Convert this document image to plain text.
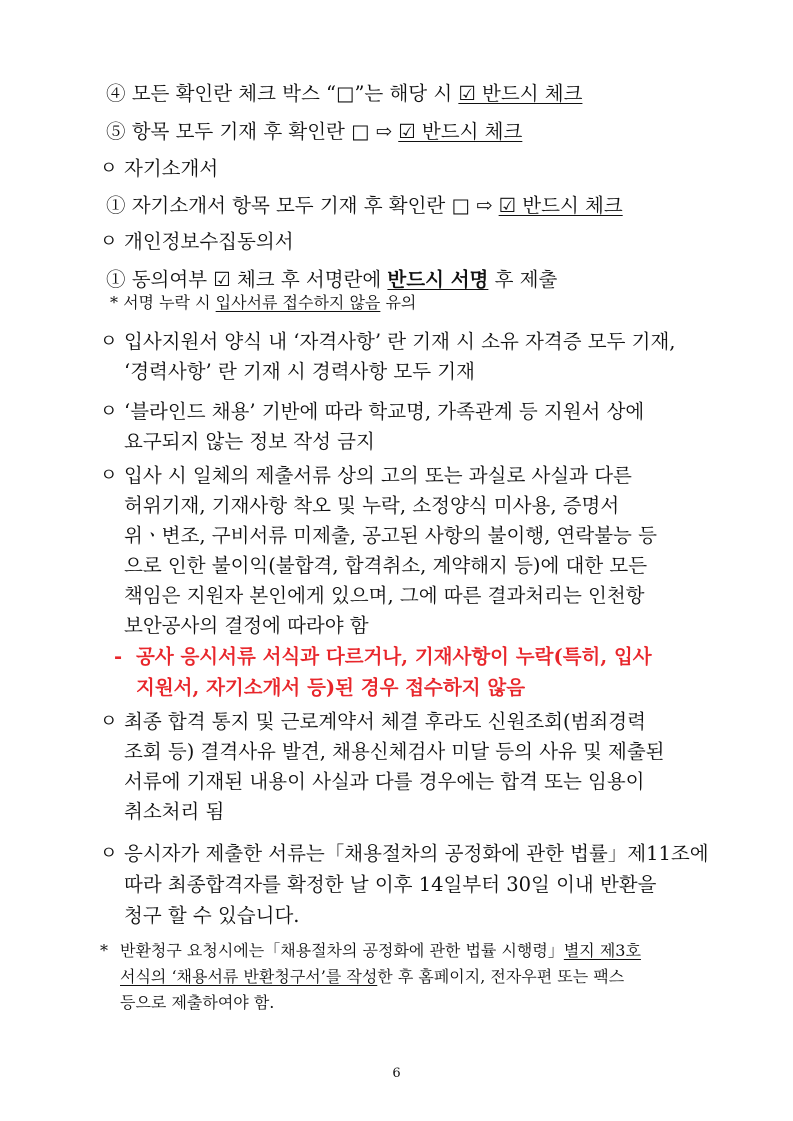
④ 모든 확인란 체크 박스 “□”는 해당 시 ☑ 반드시 체크
⑤ 항목 모두 기재 후 확인란 □ ⇨ ☑ 반드시 체크
ㅇ 자기소개서
① 자기소개서 항목 모두 기재 후 확인란 □ ⇨ ☑ 반드시 체크
ㅇ 개인정보수집동의서
① 동의여부 ☑ 체크 후 서명란에 반드시 서명 후 제출
* 서명 누락 시 입사서류 접수하지 않음 유의
ㅇ 입사지원서 양식 내 ‘자격사항’ 란 기재 시 소유 자격증 모두 기재,
‘경력사항’ 란 기재 시 경력사항 모두 기재
ㅇ ‘블라인드 채용’ 기반에 따라 학교명, 가족관계 등 지원서 상에
요구되지 않는 정보 작성 금지
ㅇ 입사 시 일체의 제출서류 상의 고의 또는 과실로 사실과 다른
허위기재, 기재사항 착오 및 누락, 소정양식 미사용, 증명서
위ㆍ변조, 구비서류 미제출, 공고된 사항의 불이행, 연락불능 등
으로 인한 불이익(불합격, 합격취소, 계약해지 등)에 대한 모든
책임은 지원자 본인에게 있으며, 그에 따른 결과처리는 인천항
보안공사의 결정에 따라야 함
- 공사 응시서류 서식과 다르거나, 기재사항이 누락(특히, 입사
지원서, 자기소개서 등)된 경우 접수하지 않음
ㅇ 최종 합격 통지 및 근로계약서 체결 후라도 신원조회(범죄경력
조회 등) 결격사유 발견, 채용신체검사 미달 등의 사유 및 제출된
서류에 기재된 내용이 사실과 다를 경우에는 합격 또는 임용이
취소처리 됨
ㅇ 응시자가 제출한 서류는「채용절차의 공정화에 관한 법률」제11조에
따라 최종합격자를 확정한 날 이후 14일부터 30일 이내 반환을
청구 할 수 있습니다.
* 반환청구 요청시에는「채용절차의 공정화에 관한 법률 시행령」별지 제3호
서식의 ‘채용서류 반환청구서’를 작성한 후 홈페이지, 전자우편 또는 팩스
등으로 제출하여야 함.
6
